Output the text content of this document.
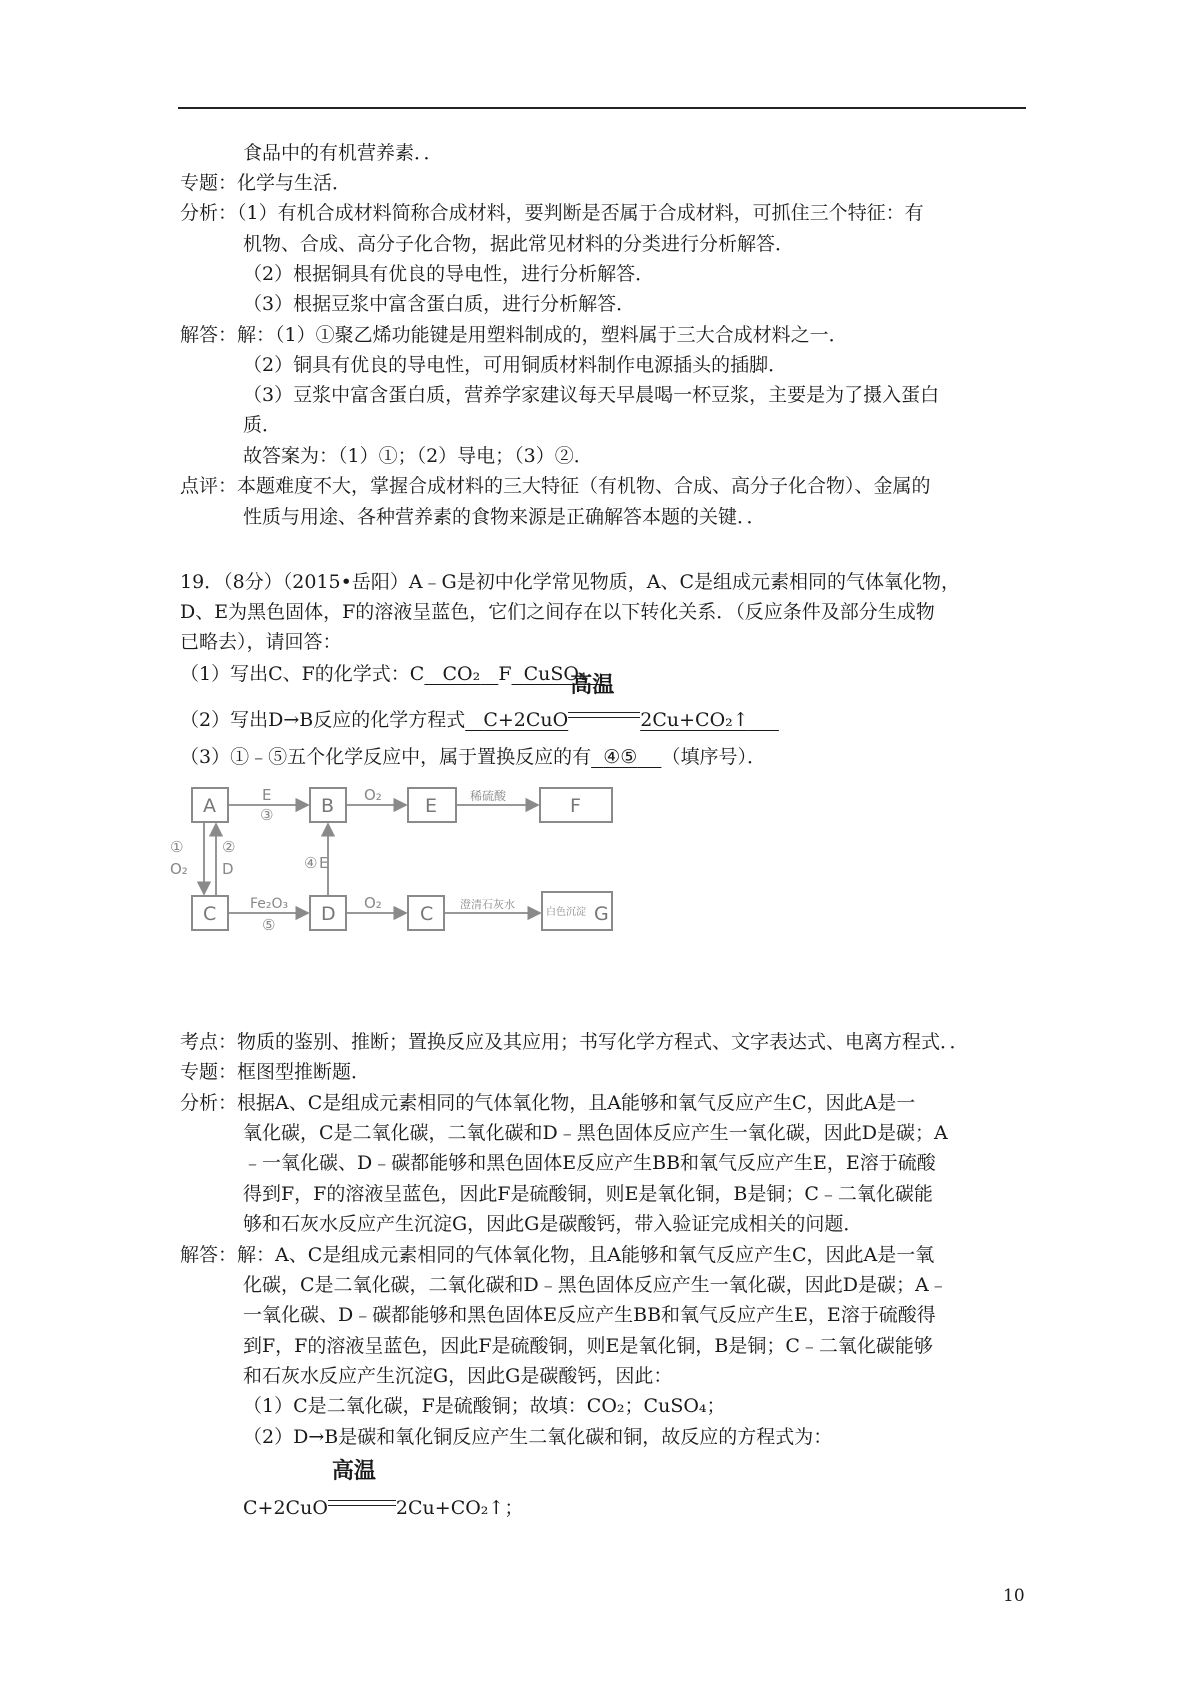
食品中的有机营养素．．
专题：化学与生活．
分析：（1）有机合成材料简称合成材料，要判断是否属于合成材料，可抓住三个特征：有
机物、合成、高分子化合物，据此常见材料的分类进行分析解答．
（2）根据铜具有优良的导电性，进行分析解答．
（3）根据豆浆中富含蛋白质，进行分析解答．
解答：解：（1）①聚乙烯功能键是用塑料制成的，塑料属于三大合成材料之一．
（2）铜具有优良的导电性，可用铜质材料制作电源插头的插脚．
（3）豆浆中富含蛋白质，营养学家建议每天早晨喝一杯豆浆，主要是为了摄入蛋白
质．
故答案为：（1）①；（2）导电；（3）②．
点评：本题难度不大，掌握合成材料的三大特征（有机物、合成、高分子化合物）、金属的
性质与用途、各种营养素的食物来源是正确解答本题的关键．．
19．（8分）（2015•岳阳）A﹣G是初中化学常见物质，A、C是组成元素相同的气体氧化物，
D、E为黑色固体，F的溶液呈蓝色，它们之间存在以下转化关系．（反应条件及部分生成物
已略去），请回答：
（1）写出C、F的化学式：C CO₂ F CuSO₄
（2）写出D→B反应的化学方程式 C+2CuO
高温
2Cu+CO₂↑
（3）①﹣⑤五个化学反应中，属于置换反应的有 ④⑤ （填序号）．
A	B	E	F
C	D	C	G
E
③
O₂	稀硫酸
④ E
①
O₂
②
D
Fe₂O₃
⑤
O₂	澄清石灰水
白色沉淀
考点：物质的鉴别、推断；置换反应及其应用；书写化学方程式、文字表达式、电离方程式．．
专题：框图型推断题．
分析：根据A、C是组成元素相同的气体氧化物，且A能够和氧气反应产生C，因此A是一
氧化碳，C是二氧化碳，二氧化碳和D﹣黑色固体反应产生一氧化碳，因此D是碳；A
﹣一氧化碳、D﹣碳都能够和黑色固体E反应产生BB和氧气反应产生E，E溶于硫酸
得到F，F的溶液呈蓝色，因此F是硫酸铜，则E是氧化铜，B是铜；C﹣二氧化碳能
够和石灰水反应产生沉淀G，因此G是碳酸钙，带入验证完成相关的问题．
解答：解：A、C是组成元素相同的气体氧化物，且A能够和氧气反应产生C，因此A是一氧
化碳，C是二氧化碳，二氧化碳和D﹣黑色固体反应产生一氧化碳，因此D是碳；A﹣
一氧化碳、D﹣碳都能够和黑色固体E反应产生BB和氧气反应产生E，E溶于硫酸得
到F，F的溶液呈蓝色，因此F是硫酸铜，则E是氧化铜，B是铜；C﹣二氧化碳能够
和石灰水反应产生沉淀G，因此G是碳酸钙，因此：
（1）C是二氧化碳，F是硫酸铜；故填：CO₂；CuSO₄；
（2）D→B是碳和氧化铜反应产生二氧化碳和铜，故反应的方程式为：
C+2CuO
高温
2Cu+CO₂↑；
10
